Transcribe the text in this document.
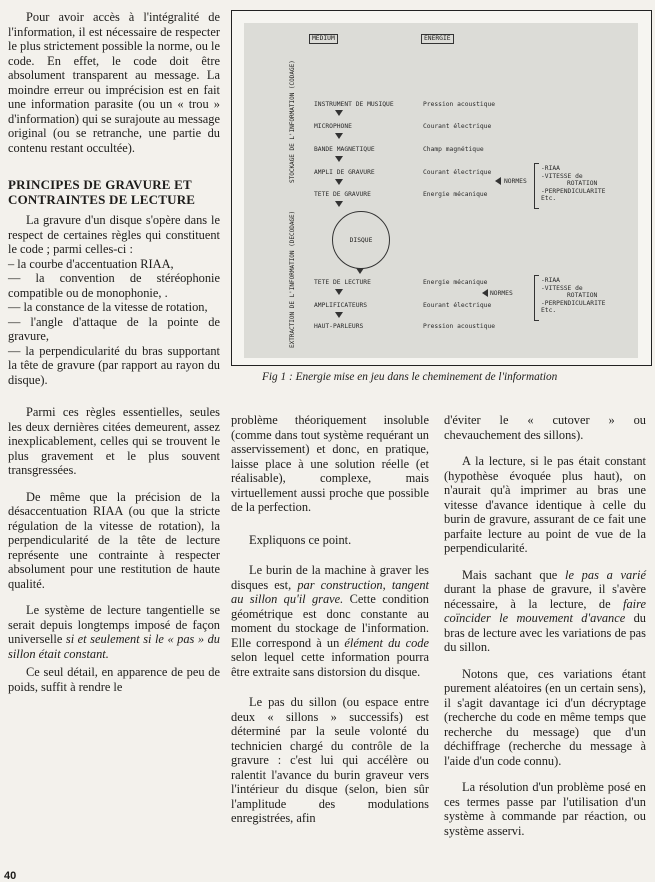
Pour avoir accès à l'intégralité de l'information, il est nécessaire de respecter le plus strictement possible la norme, ou le code. En effet, le code doit être absolument transparent au message. La moindre erreur ou imprécision est en fait une information parasite (ou un « trou » d'information) qui se surajoute au message original (ou se retranche, une partie du contenu restant occultée).

PRINCIPES DE GRAVURE ET CONTRAINTES DE LECTURE

La gravure d'un disque s'opère dans le respect de certaines règles qui constituent le code ; parmi celles-ci :

– la courbe d'accentuation RIAA,
— la convention de stéréophonie compatible ou de monophonie, .
— la constance de la vitesse de rotation,
— l'angle d'attaque de la pointe de gravure,
— la perpendicularité du bras supportant la tête de gravure (par rapport au rayon du disque).

Parmi ces règles essentielles, seules les deux dernières citées demeurent, assez inexplicablement, celles qui se trouvent le plus gravement et le plus souvent transgressées.

De même que la précision de la désaccentuation RIAA (ou que la stricte régulation de la vitesse de rotation), la perpendicularité de la tête de lecture représente une contrainte à respecter absolument pour une restitution de haute qualité.

Le système de lecture tangentielle se serait depuis longtemps imposé de façon universelle si et seulement si le « pas » du sillon était constant.

Ce seul détail, en apparence de peu de poids, suffit à rendre le

MEDIUM	ENERGIE
STOCKAGE DE L'INFORMATION (CODAGE)
EXTRACTION DE L'INFORMATION (DECODAGE)
INSTRUMENT DE MUSIQUE	Pression acoustique
MICROPHONE	Courant électrique
BANDE MAGNETIQUE	Champ magnétique
AMPLI DE GRAVURE	Courant électrique
TETE DE GRAVURE	Energie mécanique
NORMES
-RIAA
-VITESSE de
ROTATION
-PERPENDICULARITE
Etc.
DISQUE
TETE DE LECTURE	Energie mécanique
AMPLIFICATEURS	Eourant électrique
HAUT-PARLEURS	Pression acoustique
NORMES
-RIAA
-VITESSE de
ROTATION
-PERPENDICULARITE
Etc.
Fig 1 : Energie mise en jeu dans le cheminement de l'information

problème théoriquement insoluble (comme dans tout système requérant un asservissement) et donc, en pratique, laisse place à une solution réelle (et réalisable), complexe, mais virtuellement aussi proche que possible de la perfection.

Expliquons ce point.

Le burin de la machine à graver les disques est, par construction, tangent au sillon qu'il grave. Cette condition géométrique est donc constante au moment du stockage de l'information. Elle correspond à un élément du code selon lequel cette information pourra être extraite sans distorsion du disque.

Le pas du sillon (ou espace entre deux « sillons » successifs) est déterminé par la seule volonté du technicien chargé du contrôle de la gravure : c'est lui qui accélère ou ralentit l'avance du burin graveur vers l'intérieur du disque (selon, bien sûr l'amplitude des modulations enregistrées, afin

d'éviter le « cutover » ou chevauchement des sillons).

A la lecture, si le pas était constant (hypothèse évoquée plus haut), on n'aurait qu'à imprimer au bras une vitesse d'avance identique à celle du burin de gravure, assurant de ce fait une parfaite lecture au point de vue de la perpendicularité.

Mais sachant que le pas a varié durant la phase de gravure, il s'avère nécessaire, à la lecture, de faire coïncider le mouvement d'avance du bras de lecture avec les variations de pas du sillon.

Notons que, ces variations étant purement aléatoires (en un certain sens), il s'agit davantage ici d'un décryptage (recherche du code en même temps que recherche du message) que d'un déchiffrage (recherche du message à l'aide d'un code connu).

La résolution d'un problème posé en ces termes passe par l'utilisation d'un système à commande par réaction, ou système asservi.

40
